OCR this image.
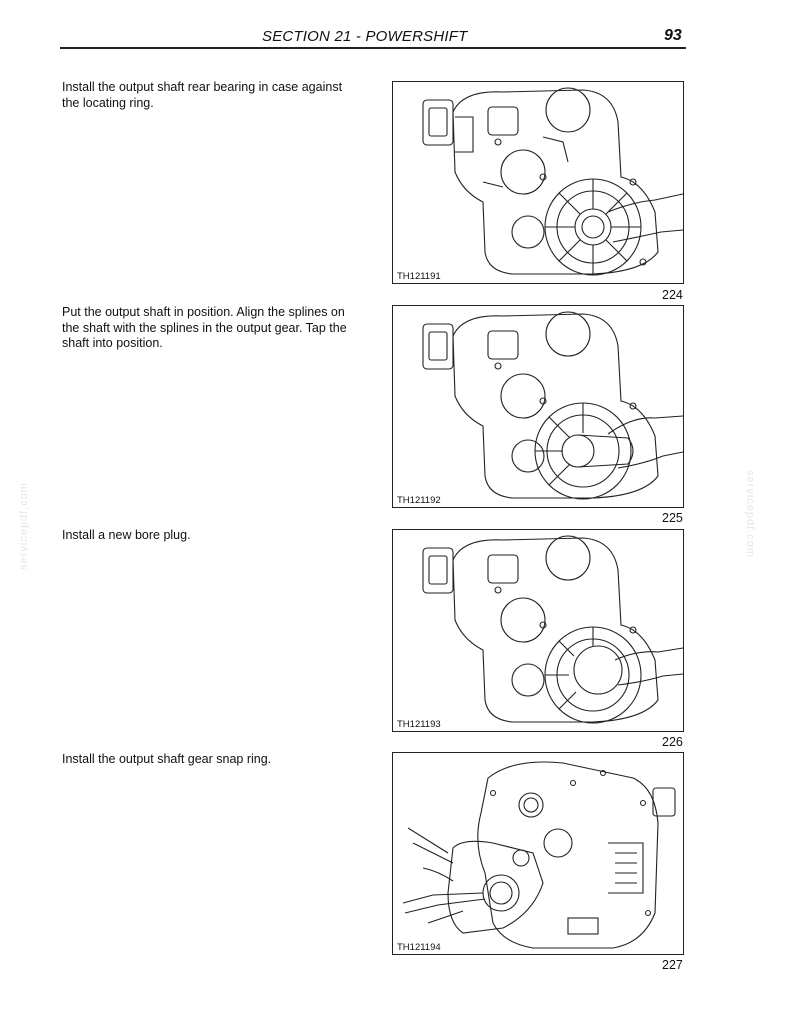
SECTION 21 - POWERSHIFT	93
servicepdf.com	servicepdf.com
Install the output shaft rear bearing in case against the locating ring.
TH121191
224
Put the output shaft in position. Align the splines on the shaft with the splines in the output gear. Tap the shaft into position.
TH121192
225
Install a new bore plug.
TH121193
226
Install the output shaft gear snap ring.
TH121194
227
